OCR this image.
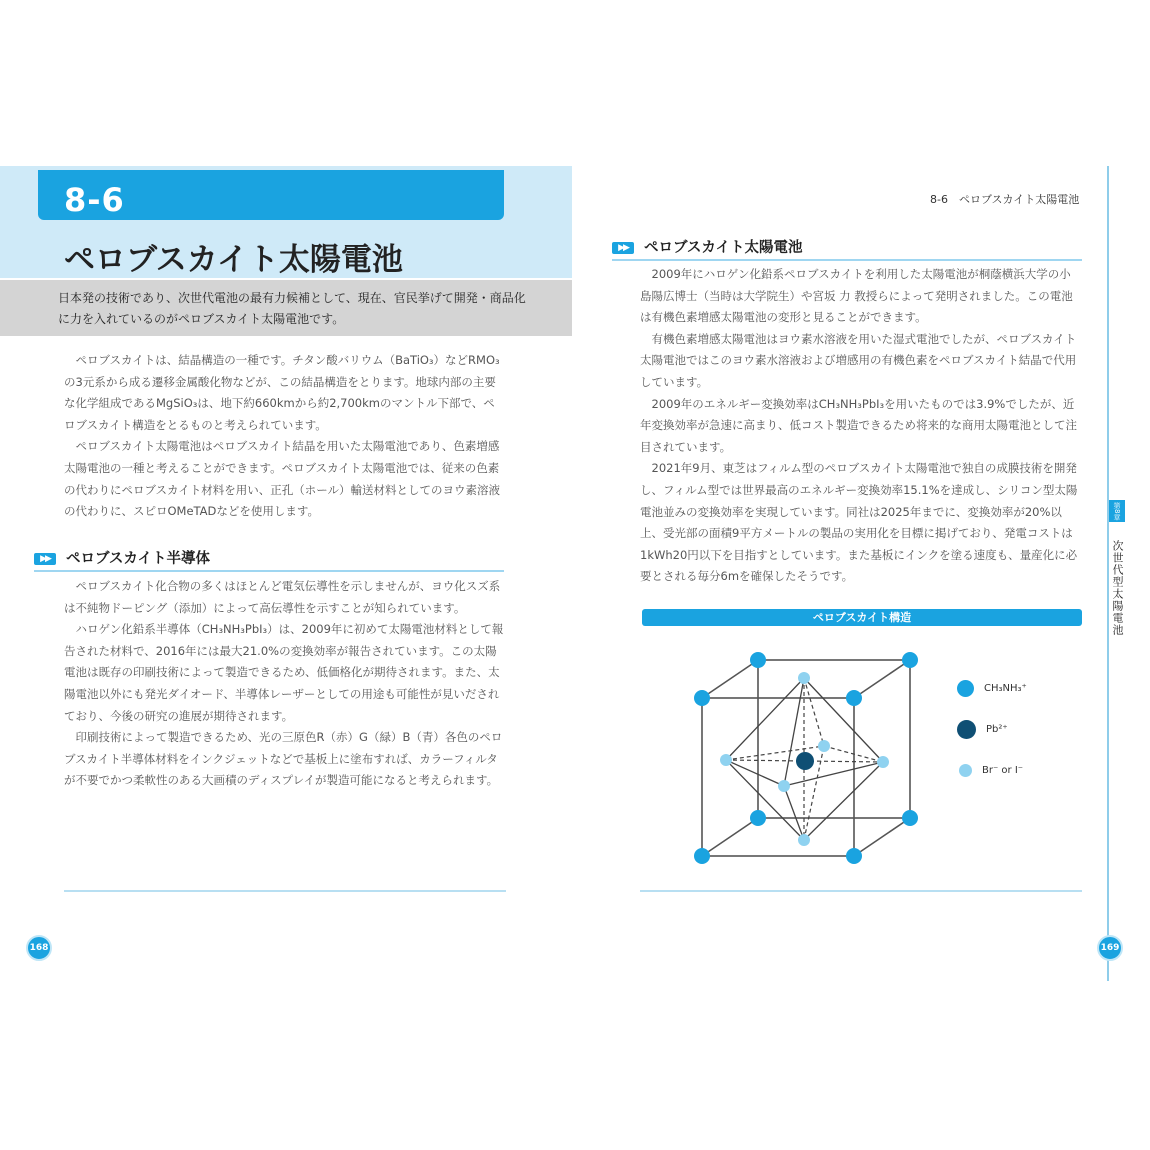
8-6
ペロブスカイト太陽電池

日本発の技術であり、次世代電池の最有力候補として、現在、官民挙げて開発・商品化に力を入れているのがペロブスカイト太陽電池です。

ペロブスカイトは、結晶構造の一種です。チタン酸バリウム（BaTiO₃）などRMO₃の3元系から成る遷移金属酸化物などが、この結晶構造をとります。地球内部の主要な化学組成であるMgSiO₃は、地下約660kmから約2,700kmのマントル下部で、ペロブスカイト構造をとるものと考えられています。

ペロブスカイト太陽電池はペロブスカイト結晶を用いた太陽電池であり、色素増感太陽電池の一種と考えることができます。ペロブスカイト太陽電池では、従来の色素の代わりにペロブスカイト材料を用い、正孔（ホール）輸送材料としてのヨウ素溶液の代わりに、スピロOMeTADなどを使用します。

▶▶	ペロブスカイト半導体

ペロブスカイト化合物の多くはほとんど電気伝導性を示しませんが、ヨウ化スズ系は不純物ドーピング（添加）によって高伝導性を示すことが知られています。

ハロゲン化鉛系半導体（CH₃NH₃PbI₃）は、2009年に初めて太陽電池材料として報告された材料で、2016年には最大21.0%の変換効率が報告されています。この太陽電池は既存の印刷技術によって製造できるため、低価格化が期待されます。また、太陽電池以外にも発光ダイオード、半導体レーザーとしての用途も可能性が見いだされており、今後の研究の進展が期待されます。

印刷技術によって製造できるため、光の三原色R（赤）G（緑）B（青）各色のペロブスカイト半導体材料をインクジェットなどで基板上に塗布すれば、カラーフィルタが不要でかつ柔軟性のある大画積のディスプレイが製造可能になると考えられます。

168
8-6　ペロブスカイト太陽電池
▶▶	ペロブスカイト太陽電池

2009年にハロゲン化鉛系ペロブスカイトを利用した太陽電池が桐蔭横浜大学の小島陽広博士（当時は大学院生）や宮坂 力 教授らによって発明されました。この電池は有機色素増感太陽電池の変形と見ることができます。

有機色素増感太陽電池はヨウ素水溶液を用いた湿式電池でしたが、ペロブスカイト太陽電池ではこのヨウ素水溶液および増感用の有機色素をペロブスカイト結晶で代用しています。

2009年のエネルギー変換効率はCH₃NH₃PbI₃を用いたものでは3.9%でしたが、近年変換効率が急速に高まり、低コスト製造できるため将来的な商用太陽電池として注目されています。

2021年9月、東芝はフィルム型のペロブスカイト太陽電池で独自の成膜技術を開発し、フィルム型では世界最高のエネルギー変換効率15.1%を達成し、シリコン型太陽電池並みの変換効率を実現しています。同社は2025年までに、変換効率が20%以上、受光部の面積9平方メートルの製品の実用化を目標に掲げており、発電コストは1kWh20円以下を目指すとしています。また基板にインクを塗る速度も、量産化に必要とされる毎分6mを確保したそうです。

ペロブスカイト構造
CH₃NH₃⁺
Pb²⁺
Br⁻ or I⁻
第8章
次世代型太陽電池
169
